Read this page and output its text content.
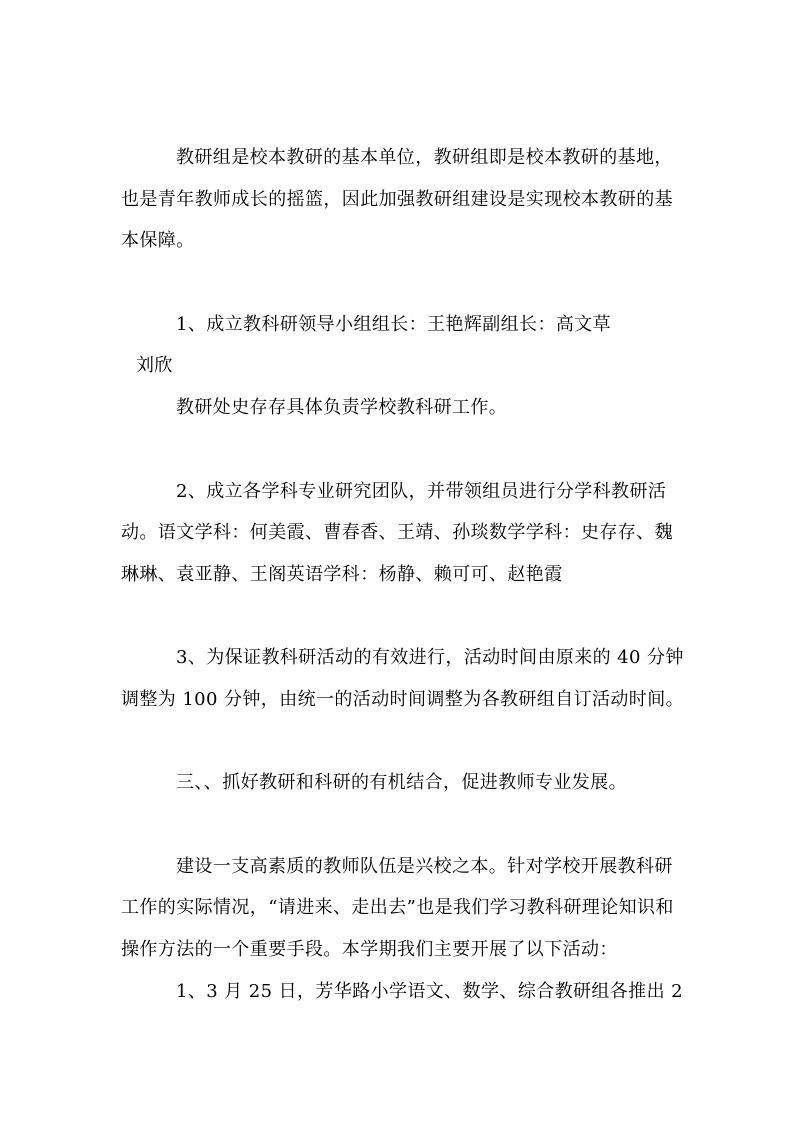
教研组是校本教研的基本单位，教研组即是校本教研的基地，
也是青年教师成长的摇篮，因此加强教研组建设是实现校本教研的基
本保障。
1、成立教科研领导小组组长：王艳辉副组长：高文草
刘欣
教研处史存存具体负责学校教科研工作。
2、成立各学科专业研究团队，并带领组员进行分学科教研活
动。语文学科：何美霞、曹春香、王靖、孙琰数学学科：史存存、魏
琳琳、袁亚静、王阁英语学科：杨静、赖可可、赵艳霞
3、为保证教科研活动的有效进行，活动时间由原来的 40 分钟
调整为 100 分钟，由统一的活动时间调整为各教研组自订活动时间。
三、、抓好教研和科研的有机结合，促进教师专业发展。
建设一支高素质的教师队伍是兴校之本。针对学校开展教科研
工作的实际情况，“请进来、走出去”也是我们学习教科研理论知识和
操作方法的一个重要手段。本学期我们主要开展了以下活动：
1、3 月 25 日，芳华路小学语文、数学、综合教研组各推出 2
